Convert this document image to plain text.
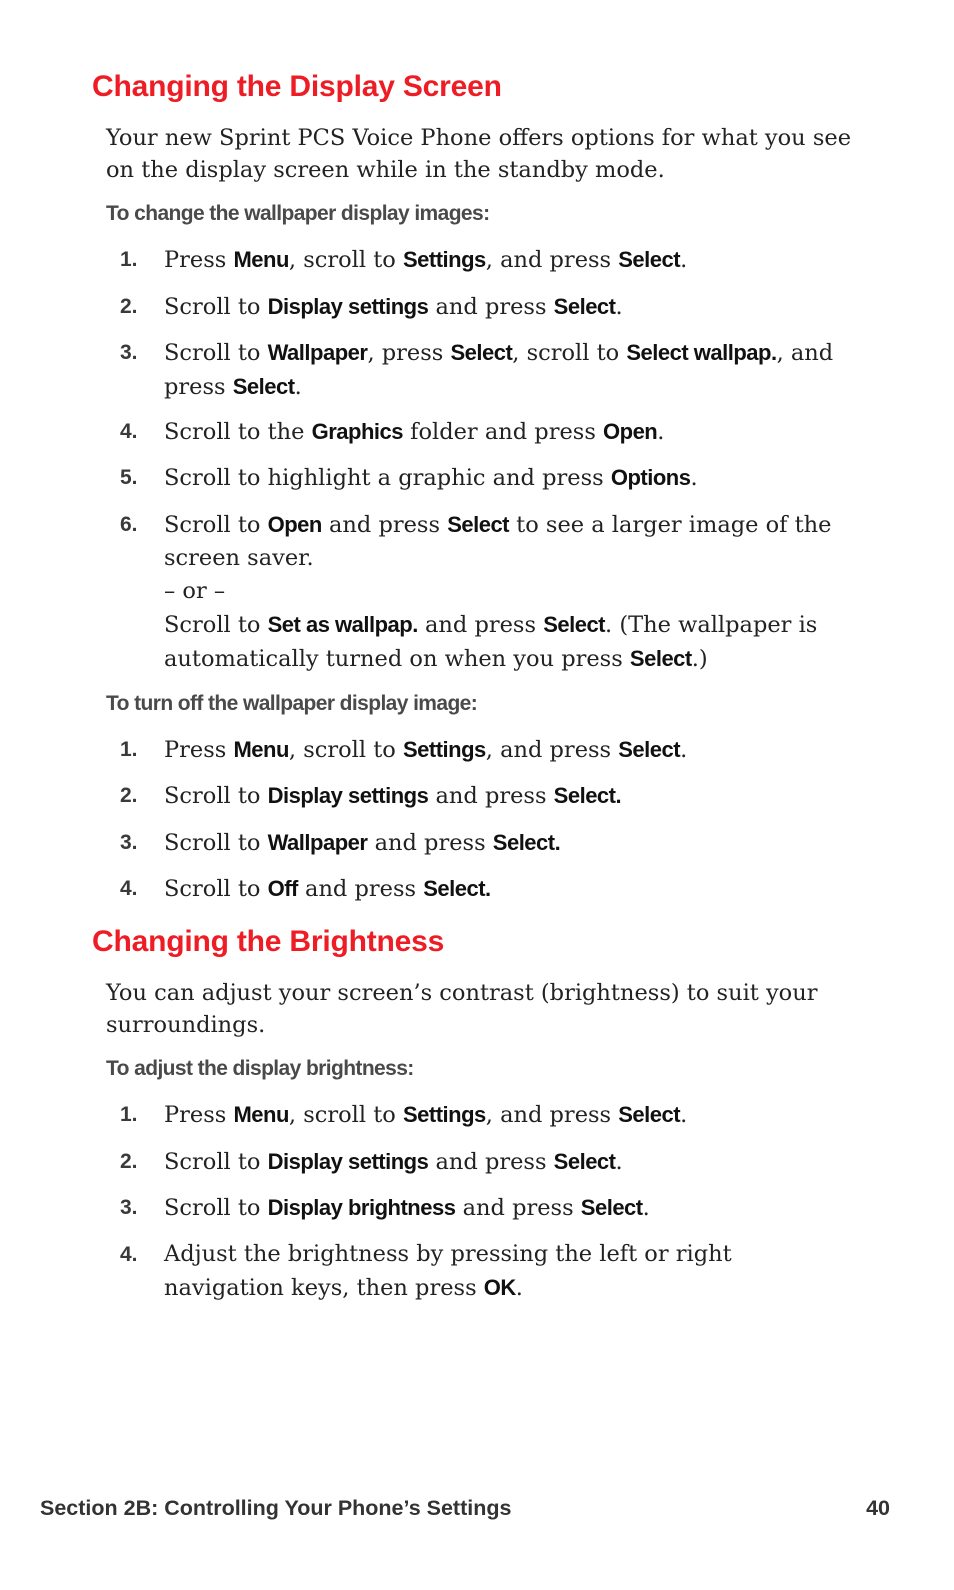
Changing the Display Screen

Your new Sprint PCS Voice Phone offers options for what you see on the display screen while in the standby mode.

To change the wallpaper display images:

1. Press Menu, scroll to Settings, and press Select.
2. Scroll to Display settings and press Select.
3. Scroll to Wallpaper, press Select, scroll to Select wallpap., and press Select.
4. Scroll to the Graphics folder and press Open.
5. Scroll to highlight a graphic and press Options.
6. Scroll to Open and press Select to see a larger image of the screen saver.
– or –
Scroll to Set as wallpap. and press Select. (The wallpaper is automatically turned on when you press Select.)

To turn off the wallpaper display image:

1. Press Menu, scroll to Settings, and press Select.
2. Scroll to Display settings and press Select.
3. Scroll to Wallpaper and press Select.
4. Scroll to Off and press Select.
Changing the Brightness

You can adjust your screen’s contrast (brightness) to suit your surroundings.

To adjust the display brightness:

1. Press Menu, scroll to Settings, and press Select.
2. Scroll to Display settings and press Select.
3. Scroll to Display brightness and press Select.
4. Adjust the brightness by pressing the left or right navigation keys, then press OK.
Section 2B: Controlling Your Phone’s Settings	40
